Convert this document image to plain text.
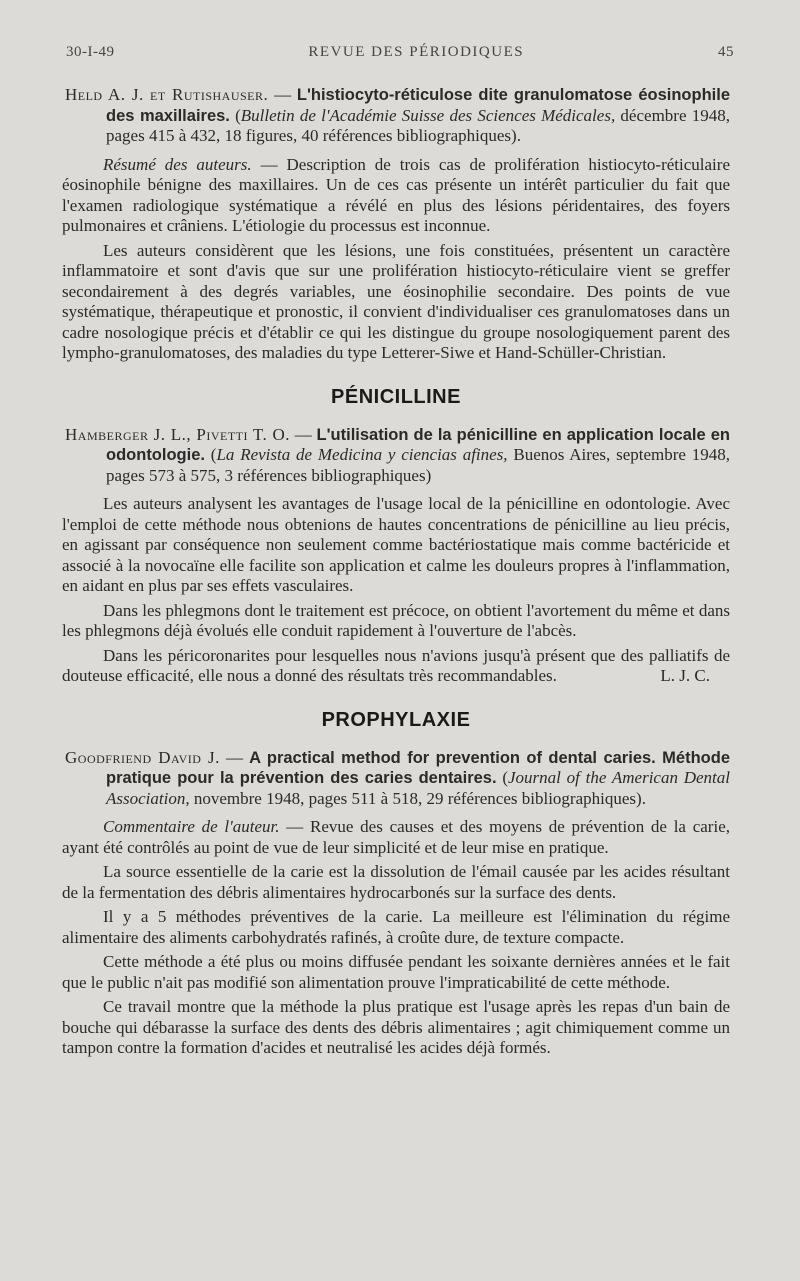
30-I-49	REVUE DES PÉRIODIQUES	45

Held A. J. et Rutishauser. — L'histiocyto-réticulose dite granulomatose éosinophile des maxillaires. (Bulletin de l'Académie Suisse des Sciences Médicales, décembre 1948, pages 415 à 432, 18 figures, 40 références bibliographiques).

Résumé des auteurs. — Description de trois cas de prolifération histiocyto-réticulaire éosinophile bénigne des maxillaires. Un de ces cas présente un intérêt particulier du fait que l'examen radiologique systématique a révélé en plus des lésions péridentaires, des foyers pulmonaires et crâniens. L'étiologie du processus est inconnue.

Les auteurs considèrent que les lésions, une fois constituées, présentent un caractère inflammatoire et sont d'avis que sur une prolifération histiocyto-réticulaire vient se greffer secondairement à des degrés variables, une éosinophilie secondaire. Des points de vue systématique, thérapeutique et pronostic, il convient d'individualiser ces granulomatoses dans un cadre nosologique précis et d'établir ce qui les distingue du groupe nosologiquement parent des lympho-granulomatoses, des maladies du type Letterer-Siwe et Hand-Schüller-Christian.

PÉNICILLINE

Hamberger J. L., Pivetti T. O. — L'utilisation de la pénicilline en application locale en odontologie. (La Revista de Medicina y ciencias afines, Buenos Aires, septembre 1948, pages 573 à 575, 3 références bibliographiques)

Les auteurs analysent les avantages de l'usage local de la pénicilline en odontologie. Avec l'emploi de cette méthode nous obtenions de hautes concentrations de pénicilline au lieu précis, en agissant par conséquence non seulement comme bactériostatique mais comme bactéricide et associé à la novocaïne elle facilite son application et calme les douleurs propres à l'inflammation, en aidant en plus par ses effets vasculaires.

Dans les phlegmons dont le traitement est précoce, on obtient l'avortement du même et dans les phlegmons déjà évolués elle conduit rapidement à l'ouverture de l'abcès.

Dans les péricoronarites pour lesquelles nous n'avions jusqu'à présent que des palliatifs de douteuse efficacité, elle nous a donné des résultats très recommandables.	L. J. C.

PROPHYLAXIE

Goodfriend David J. — A practical method for prevention of dental caries. Méthode pratique pour la prévention des caries dentaires. (Journal of the American Dental Association, novembre 1948, pages 511 à 518, 29 références bibliographiques).

Commentaire de l'auteur. — Revue des causes et des moyens de prévention de la carie, ayant été contrôlés au point de vue de leur simplicité et de leur mise en pratique.

La source essentielle de la carie est la dissolution de l'émail causée par les acides résultant de la fermentation des débris alimentaires hydrocarbonés sur la surface des dents.

Il y a 5 méthodes préventives de la carie. La meilleure est l'élimination du régime alimentaire des aliments carbohydratés rafinés, à croûte dure, de texture compacte.

Cette méthode a été plus ou moins diffusée pendant les soixante dernières années et le fait que le public n'ait pas modifié son alimentation prouve l'impraticabilité de cette méthode.

Ce travail montre que la méthode la plus pratique est l'usage après les repas d'un bain de bouche qui débarasse la surface des dents des débris alimentaires ; agit chimiquement comme un tampon contre la formation d'acides et neutralisé les acides déjà formés.
